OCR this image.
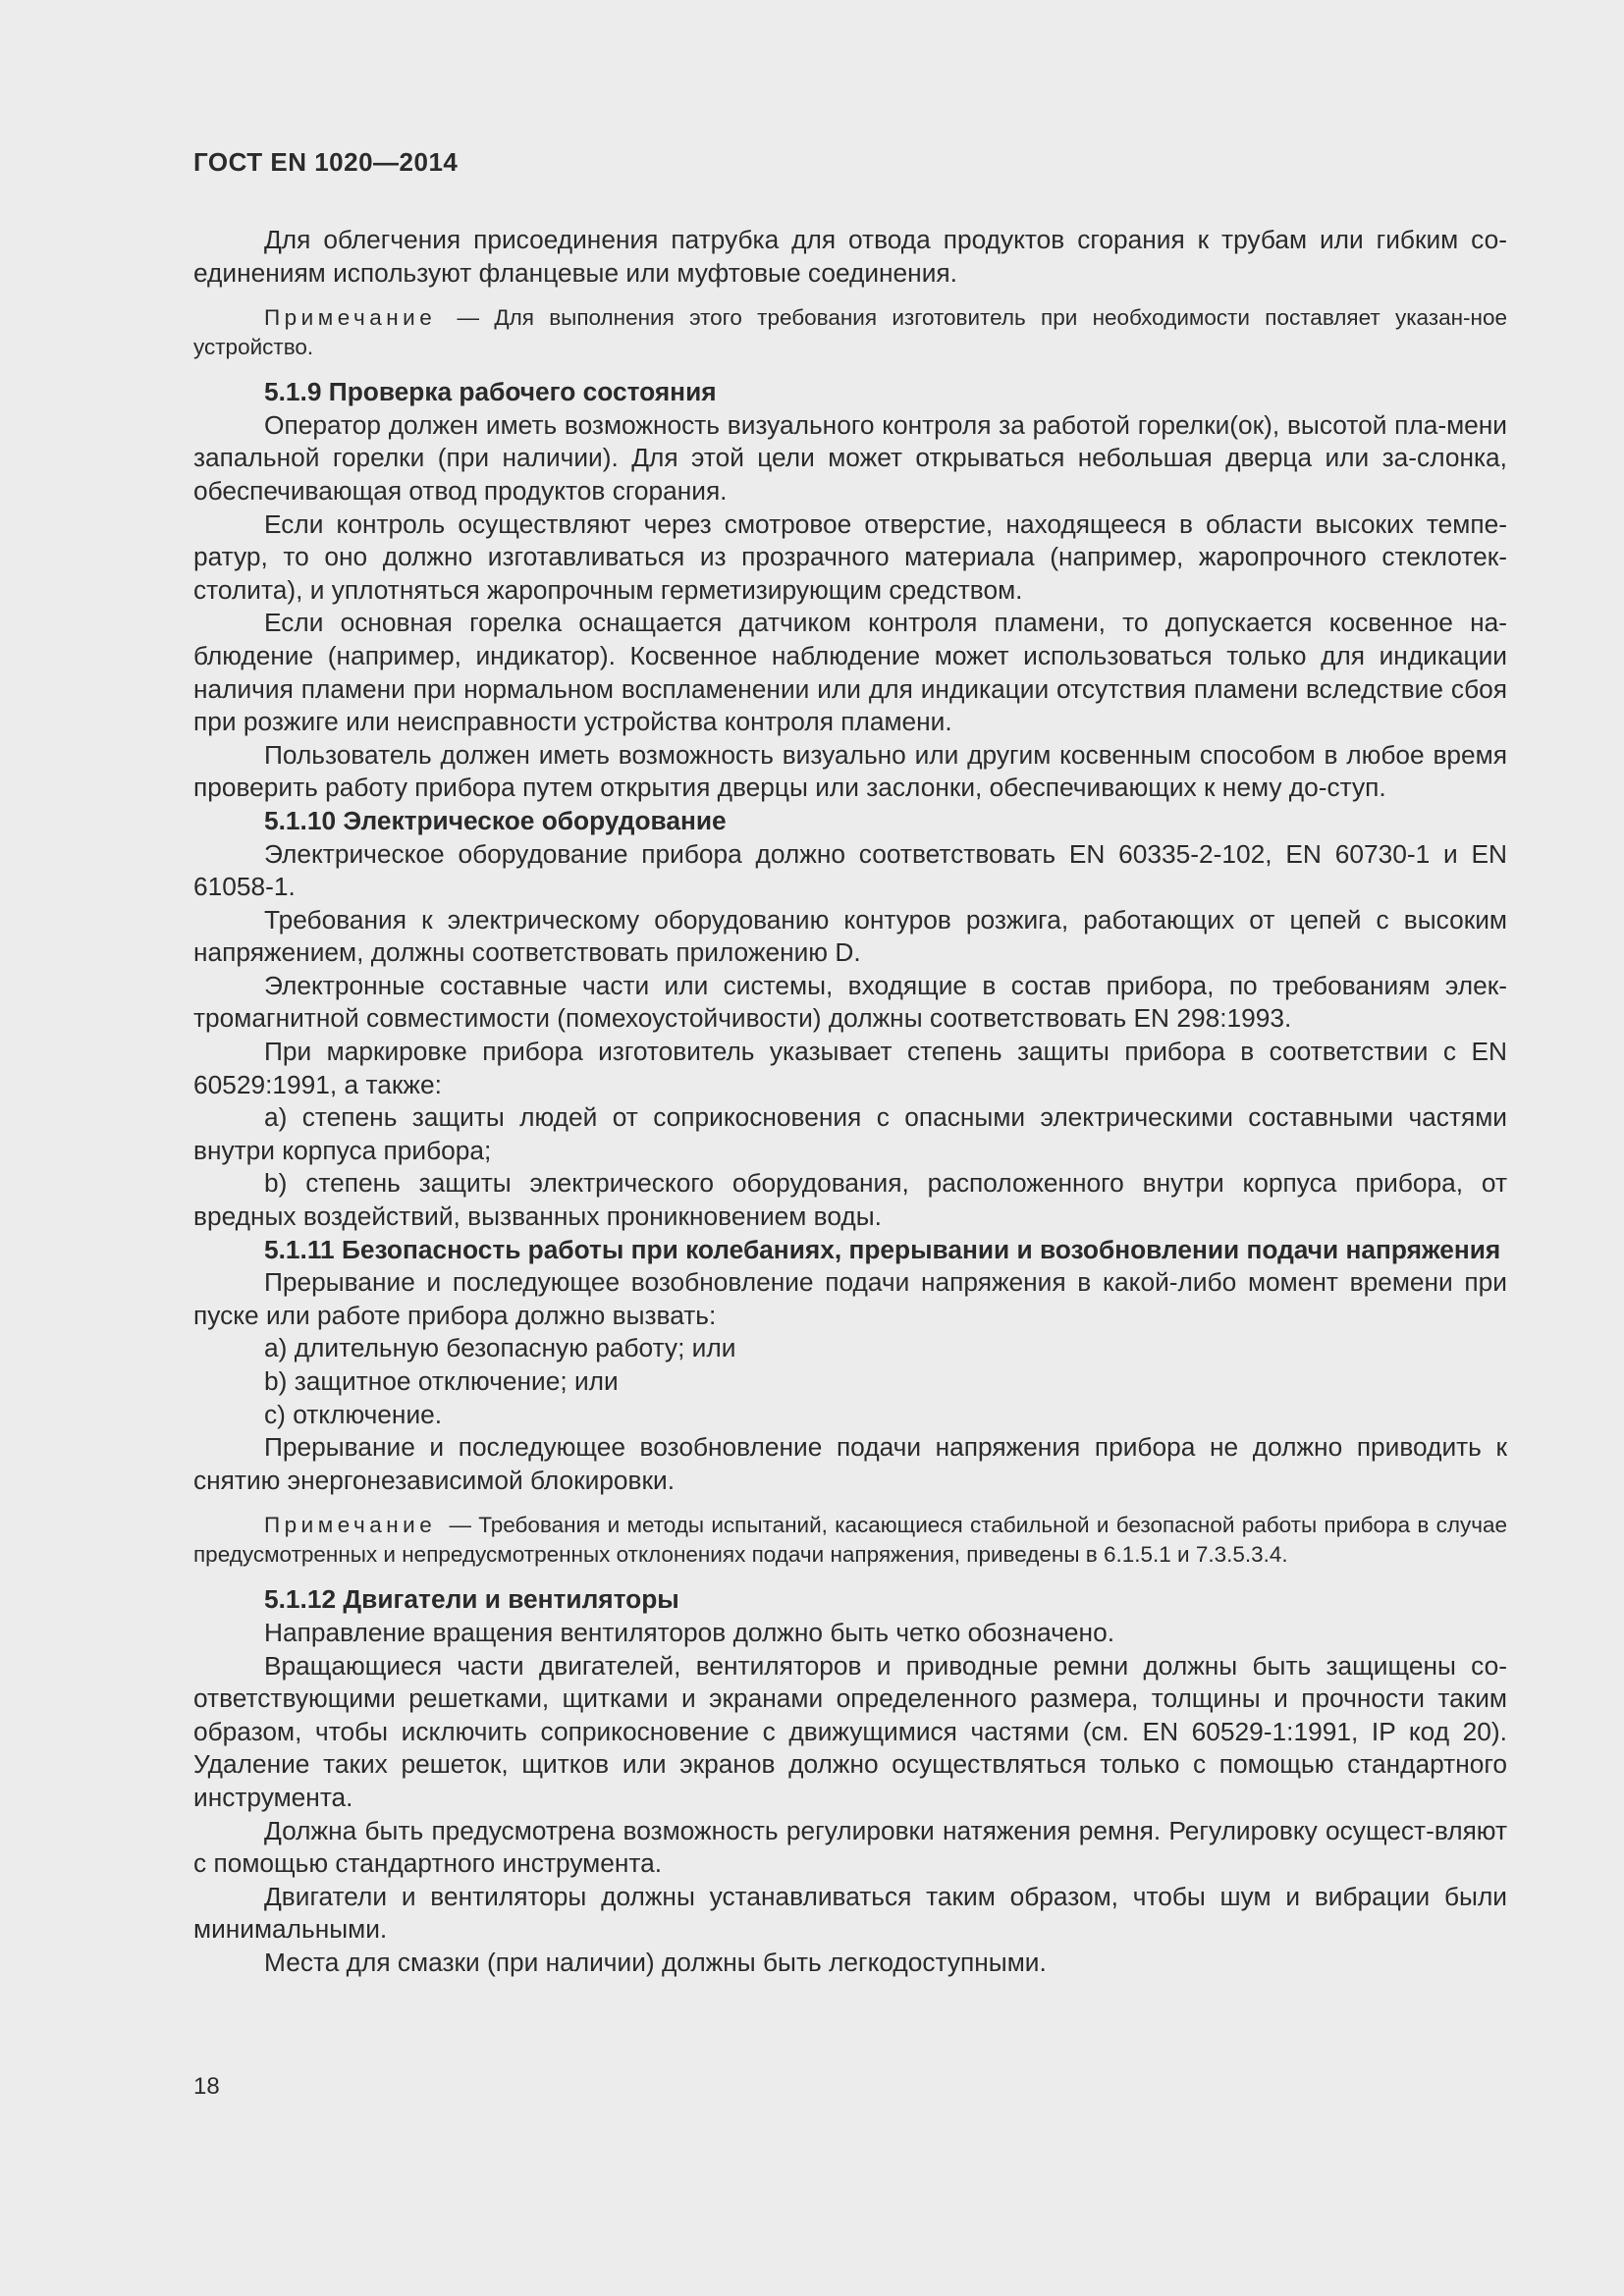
ГОСТ EN 1020—2014

Для облегчения присоединения патрубка для отвода продуктов сгорания к трубам или гибким со-единениям используют фланцевые или муфтовые соединения.

Примечание — Для выполнения этого требования изготовитель при необходимости поставляет указан-ное устройство.

5.1.9 Проверка рабочего состояния

Оператор должен иметь возможность визуального контроля за работой горелки(ок), высотой пла-мени запальной горелки (при наличии). Для этой цели может открываться небольшая дверца или за-слонка, обеспечивающая отвод продуктов сгорания.

Если контроль осуществляют через смотровое отверстие, находящееся в области высоких темпе-ратур, то оно должно изготавливаться из прозрачного материала (например, жаропрочного стеклотек-столита), и уплотняться жаропрочным герметизирующим средством.

Если основная горелка оснащается датчиком контроля пламени, то допускается косвенное на-блюдение (например, индикатор). Косвенное наблюдение может использоваться только для индикации наличия пламени при нормальном воспламенении или для индикации отсутствия пламени вследствие сбоя при розжиге или неисправности устройства контроля пламени.

Пользователь должен иметь возможность визуально или другим косвенным способом в любое время проверить работу прибора путем открытия дверцы или заслонки, обеспечивающих к нему до-ступ.

5.1.10 Электрическое оборудование

Электрическое оборудование прибора должно соответствовать EN 60335-2-102, EN 60730-1 и EN 61058-1.

Требования к электрическому оборудованию контуров розжига, работающих от цепей с высоким напряжением, должны соответствовать приложению D.

Электронные составные части или системы, входящие в состав прибора, по требованиям элек-тромагнитной совместимости (помехоустойчивости) должны соответствовать EN 298:1993.

При маркировке прибора изготовитель указывает степень защиты прибора в соответствии с EN 60529:1991, а также:

a) степень защиты людей от соприкосновения с опасными электрическими составными частями внутри корпуса прибора;

b) степень защиты электрического оборудования, расположенного внутри корпуса прибора, от вредных воздействий, вызванных проникновением воды.

5.1.11 Безопасность работы при колебаниях, прерывании и возобновлении подачи напряжения

Прерывание и последующее возобновление подачи напряжения в какой-либо момент времени при пуске или работе прибора должно вызвать:

a) длительную безопасную работу; или

b) защитное отключение; или

c) отключение.

Прерывание и последующее возобновление подачи напряжения прибора не должно приводить к снятию энергонезависимой блокировки.

Примечание — Требования и методы испытаний, касающиеся стабильной и безопасной работы прибора в случае предусмотренных и непредусмотренных отклонениях подачи напряжения, приведены в 6.1.5.1 и 7.3.5.3.4.

5.1.12 Двигатели и вентиляторы

Направление вращения вентиляторов должно быть четко обозначено.

Вращающиеся части двигателей, вентиляторов и приводные ремни должны быть защищены со-ответствующими решетками, щитками и экранами определенного размера, толщины и прочности таким образом, чтобы исключить соприкосновение с движущимися частями (см. EN 60529-1:1991, IP код 20). Удаление таких решеток, щитков или экранов должно осуществляться только с помощью стандартного инструмента.

Должна быть предусмотрена возможность регулировки натяжения ремня. Регулировку осущест-вляют с помощью стандартного инструмента.

Двигатели и вентиляторы должны устанавливаться таким образом, чтобы шум и вибрации были минимальными.

Места для смазки (при наличии) должны быть легкодоступными.

18
